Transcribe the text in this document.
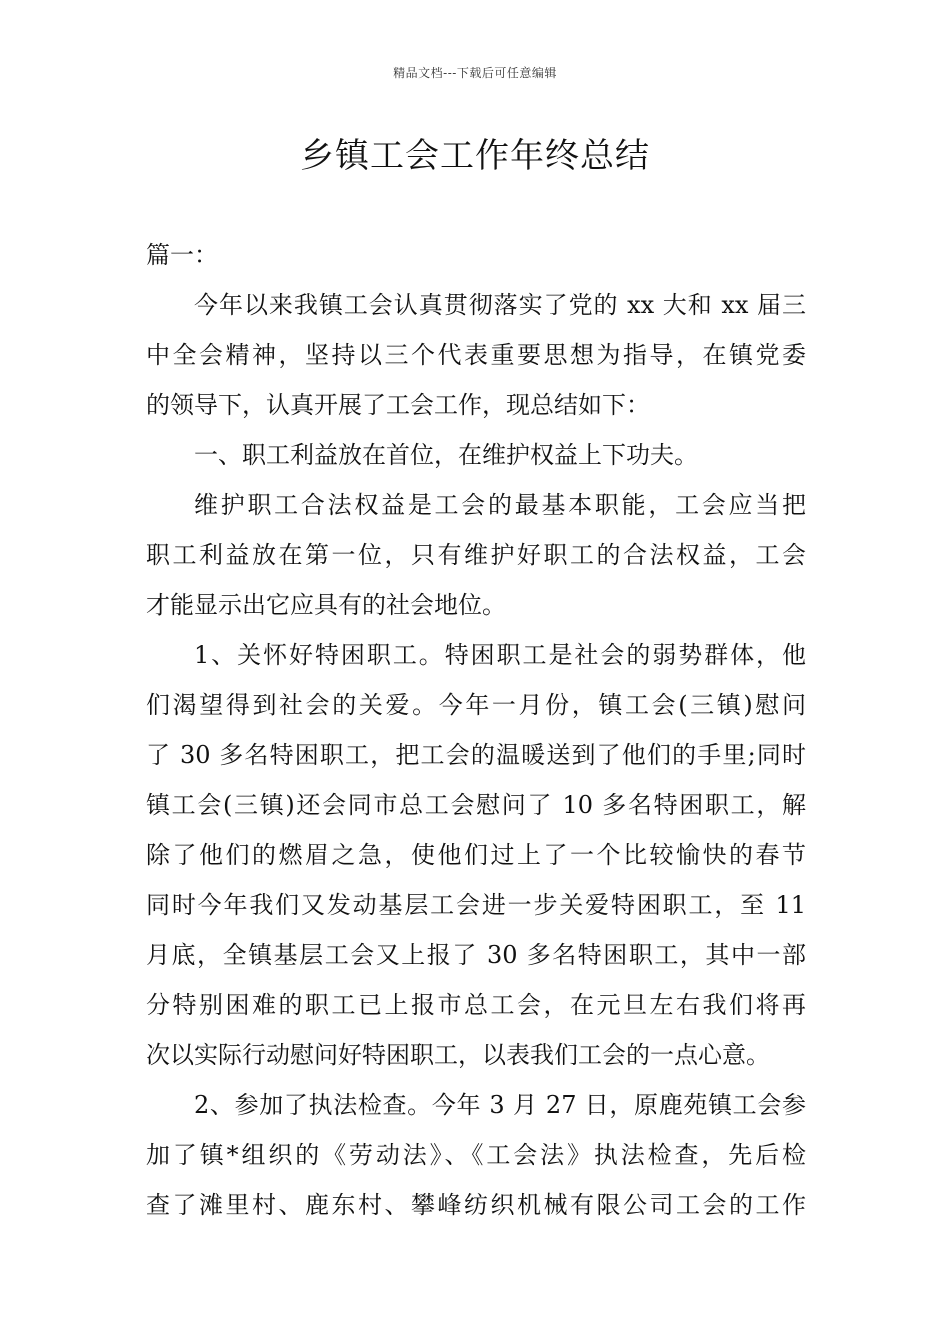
精品文档---下载后可任意编辑
乡镇工会工作年终总结
篇一：
今年以来我镇工会认真贯彻落实了党的 xx 大和 xx 届三
中全会精神，坚持以三个代表重要思想为指导，在镇党委
的领导下，认真开展了工会工作，现总结如下：
一、职工利益放在首位，在维护权益上下功夫。
维护职工合法权益是工会的最基本职能，工会应当把
职工利益放在第一位，只有维护好职工的合法权益，工会
才能显示出它应具有的社会地位。
1、关怀好特困职工。特困职工是社会的弱势群体，他
们渴望得到社会的关爱。今年一月份，镇工会(三镇)慰问
了 30 多名特困职工，把工会的温暖送到了他们的手里;同时
镇工会(三镇)还会同市总工会慰问了 10 多名特困职工，解
除了他们的燃眉之急，使他们过上了一个比较愉快的春节
同时今年我们又发动基层工会进一步关爱特困职工，至 11
月底，全镇基层工会又上报了 30 多名特困职工，其中一部
分特别困难的职工已上报市总工会，在元旦左右我们将再
次以实际行动慰问好特困职工，以表我们工会的一点心意。
2、参加了执法检查。今年 3 月 27 日，原鹿苑镇工会参
加了镇*组织的《劳动法》、《工会法》执法检查，先后检
查了滩里村、鹿东村、攀峰纺织机械有限公司工会的工作
